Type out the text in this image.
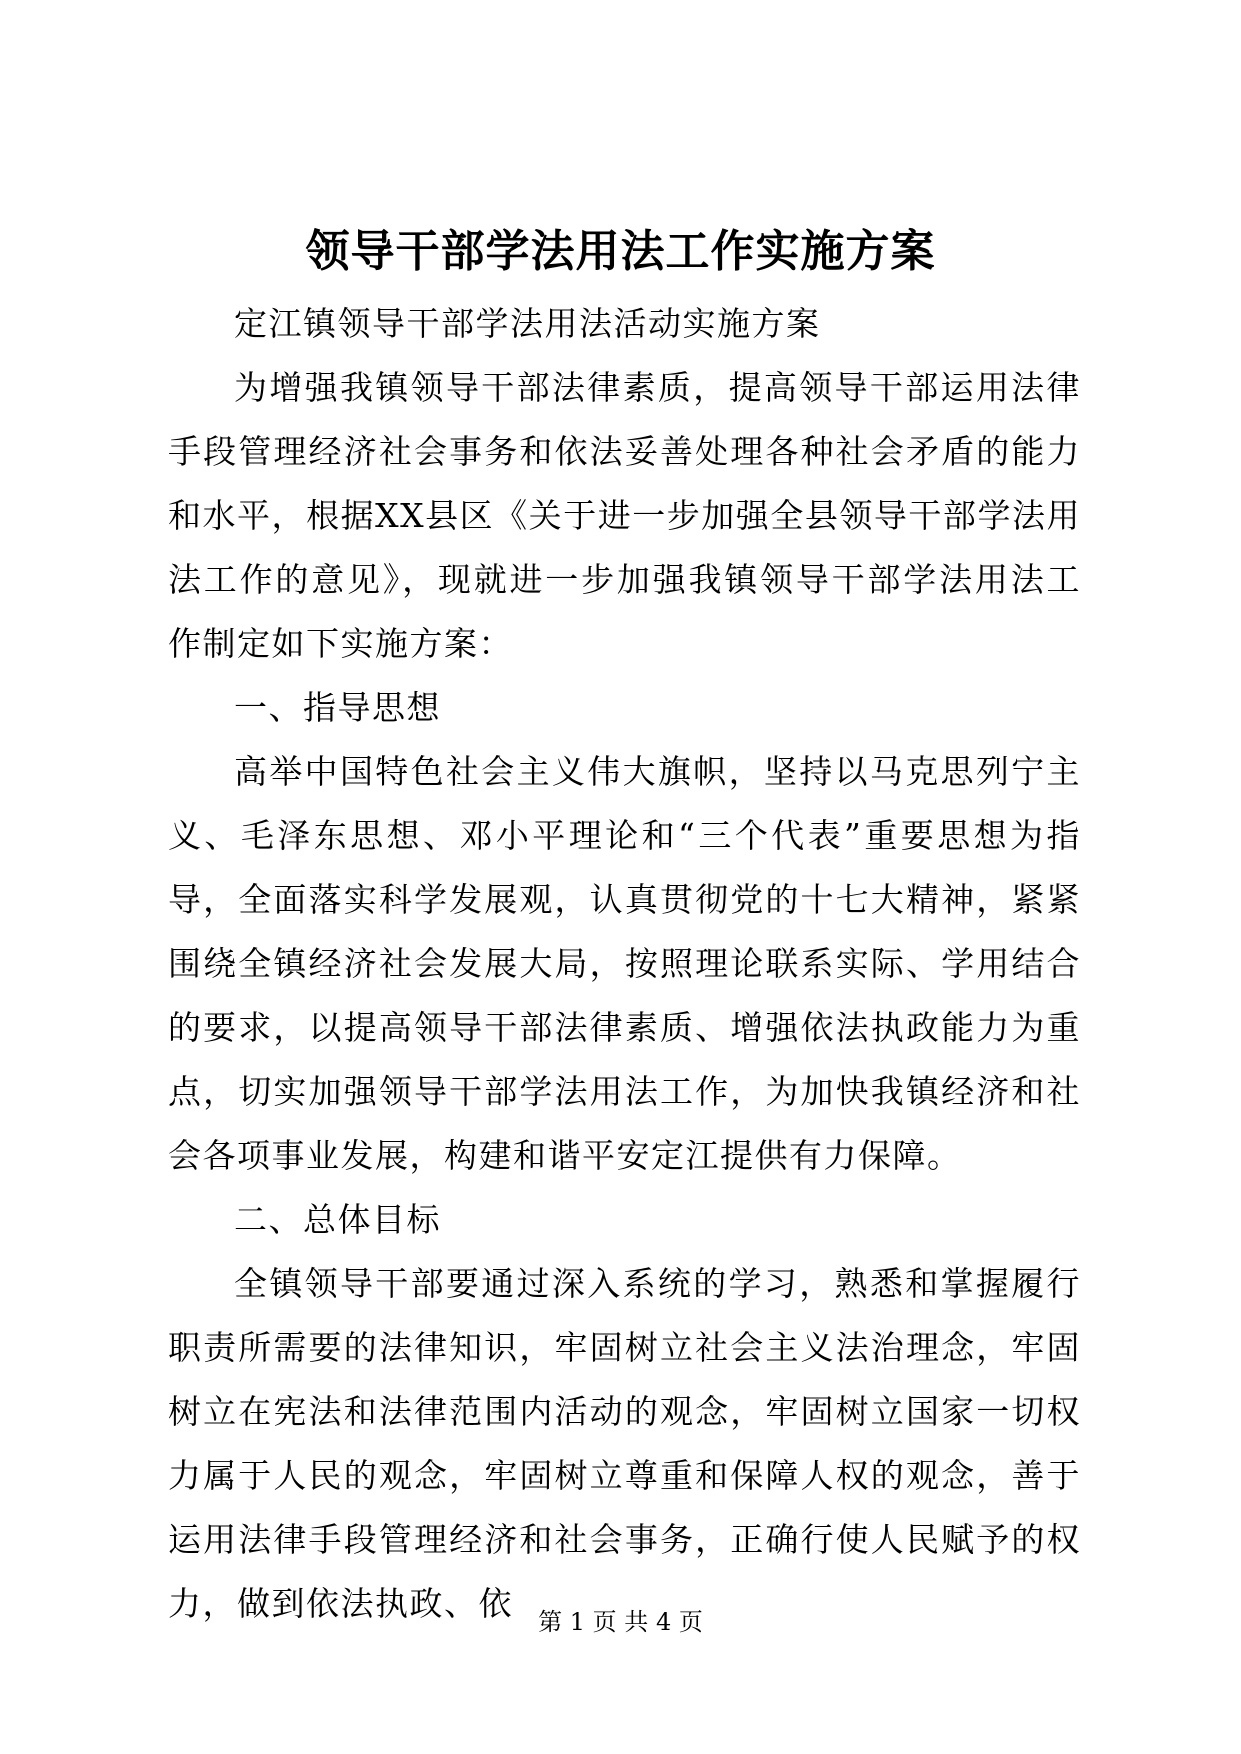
领导干部学法用法工作实施方案

定江镇领导干部学法用法活动实施方案

为增强我镇领导干部法律素质，提高领导干部运用法律手段管理经济社会事务和依法妥善处理各种社会矛盾的能力和水平，根据XX县区《关于进一步加强全县领导干部学法用法工作的意见》，现就进一步加强我镇领导干部学法用法工作制定如下实施方案：

一、指导思想

高举中国特色社会主义伟大旗帜，坚持以马克思列宁主义、毛泽东思想、邓小平理论和“三个代表”重要思想为指导，全面落实科学发展观，认真贯彻党的十七大精神，紧紧围绕全镇经济社会发展大局，按照理论联系实际、学用结合的要求，以提高领导干部法律素质、增强依法执政能力为重点，切实加强领导干部学法用法工作，为加快我镇经济和社会各项事业发展，构建和谐平安定江提供有力保障。

二、总体目标

全镇领导干部要通过深入系统的学习，熟悉和掌握履行职责所需要的法律知识，牢固树立社会主义法治理念，牢固树立在宪法和法律范围内活动的观念，牢固树立国家一切权力属于人民的观念，牢固树立尊重和保障人权的观念，善于运用法律手段管理经济和社会事务，正确行使人民赋予的权力，做到依法执政、依	第 1 页 共 4 页
